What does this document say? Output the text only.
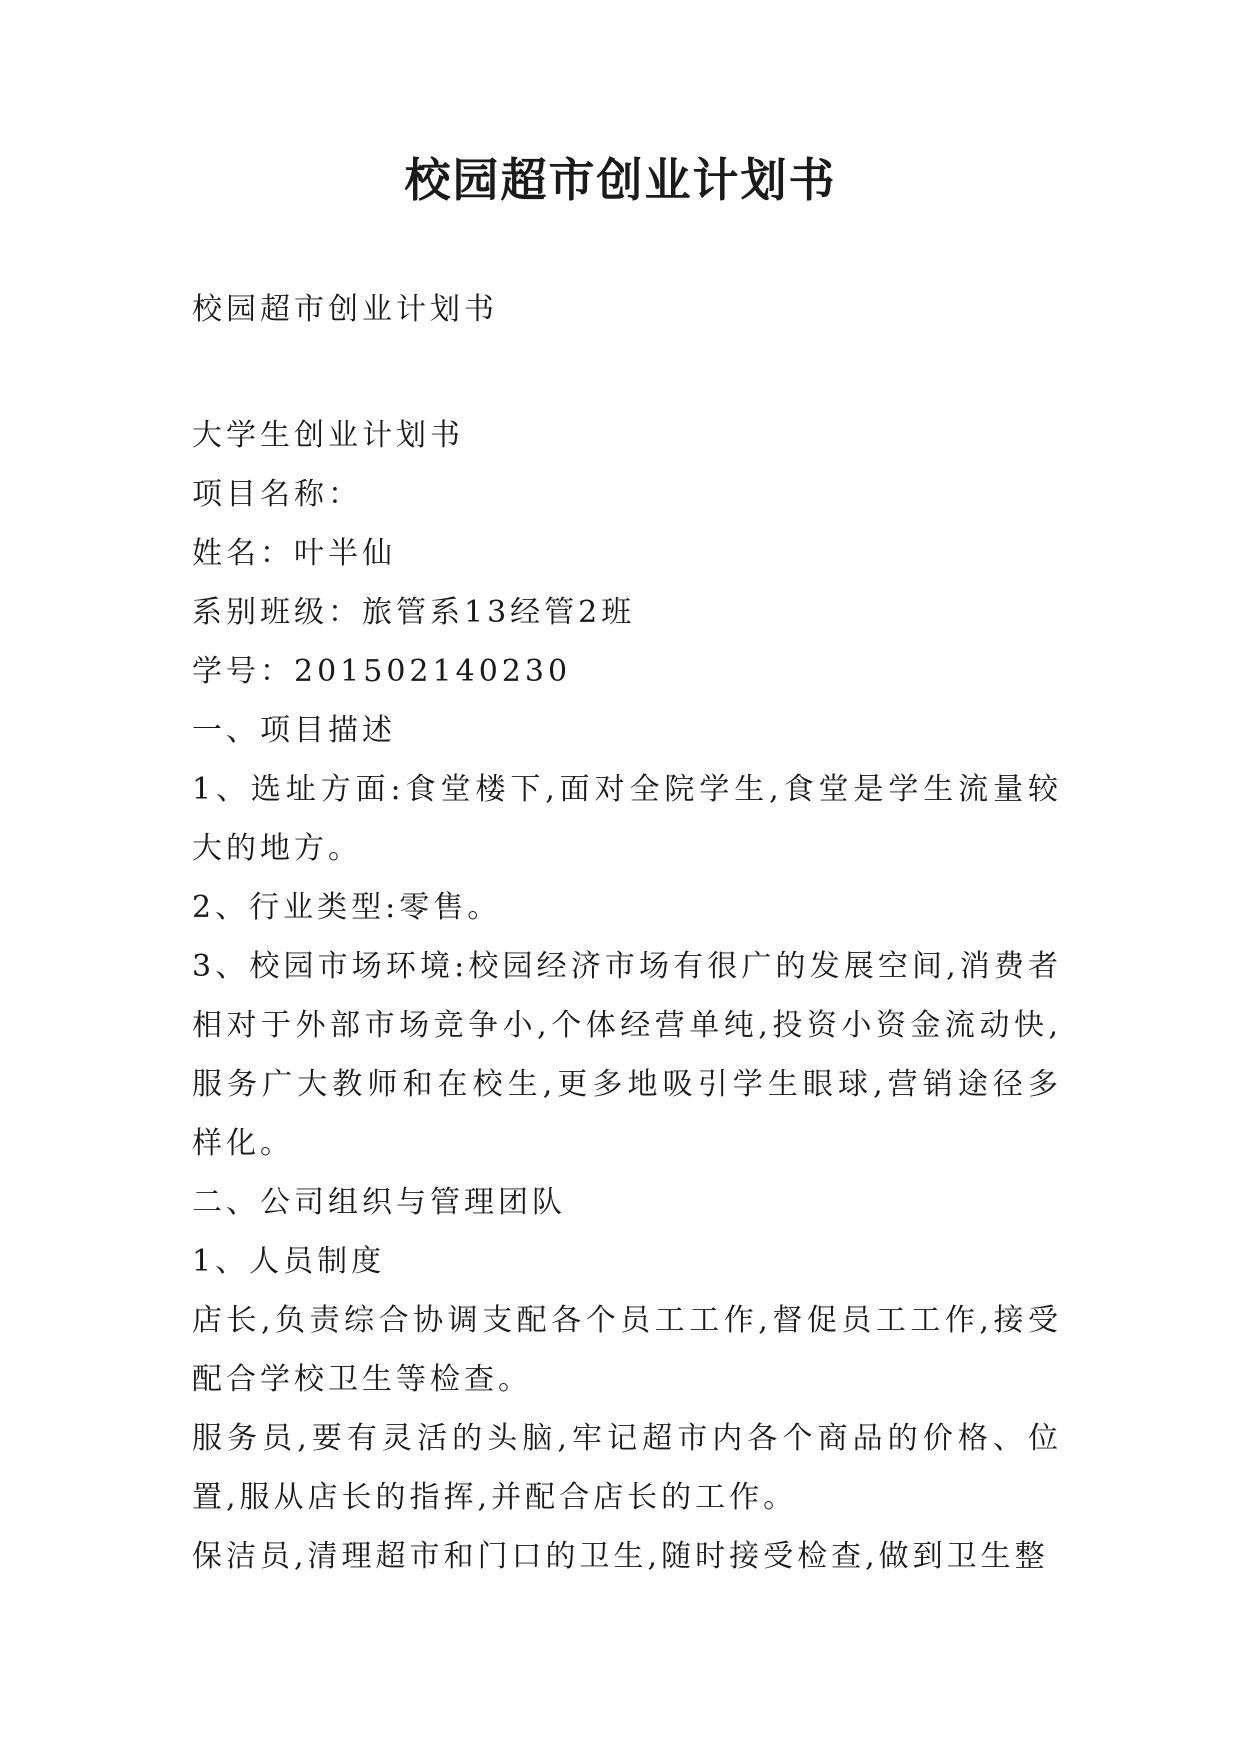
校园超市创业计划书

校园超市创业计划书

大学生创业计划书

项目名称：

姓名：叶半仙

系别班级：旅管系13经管2班

学号：201502140230

一、项目描述

1、选址方面:食堂楼下,面对全院学生,食堂是学生流量较大的地方。

2、行业类型:零售。

3、校园市场环境:校园经济市场有很广的发展空间,消费者相对于外部市场竞争小,个体经营单纯,投资小资金流动快,服务广大教师和在校生,更多地吸引学生眼球,营销途径多样化。

二、公司组织与管理团队

1、人员制度

店长,负责综合协调支配各个员工工作,督促员工工作,接受配合学校卫生等检查。

服务员,要有灵活的头脑,牢记超市内各个商品的价格、位置,服从店长的指挥,并配合店长的工作。

保洁员,清理超市和门口的卫生,随时接受检查,做到卫生整
